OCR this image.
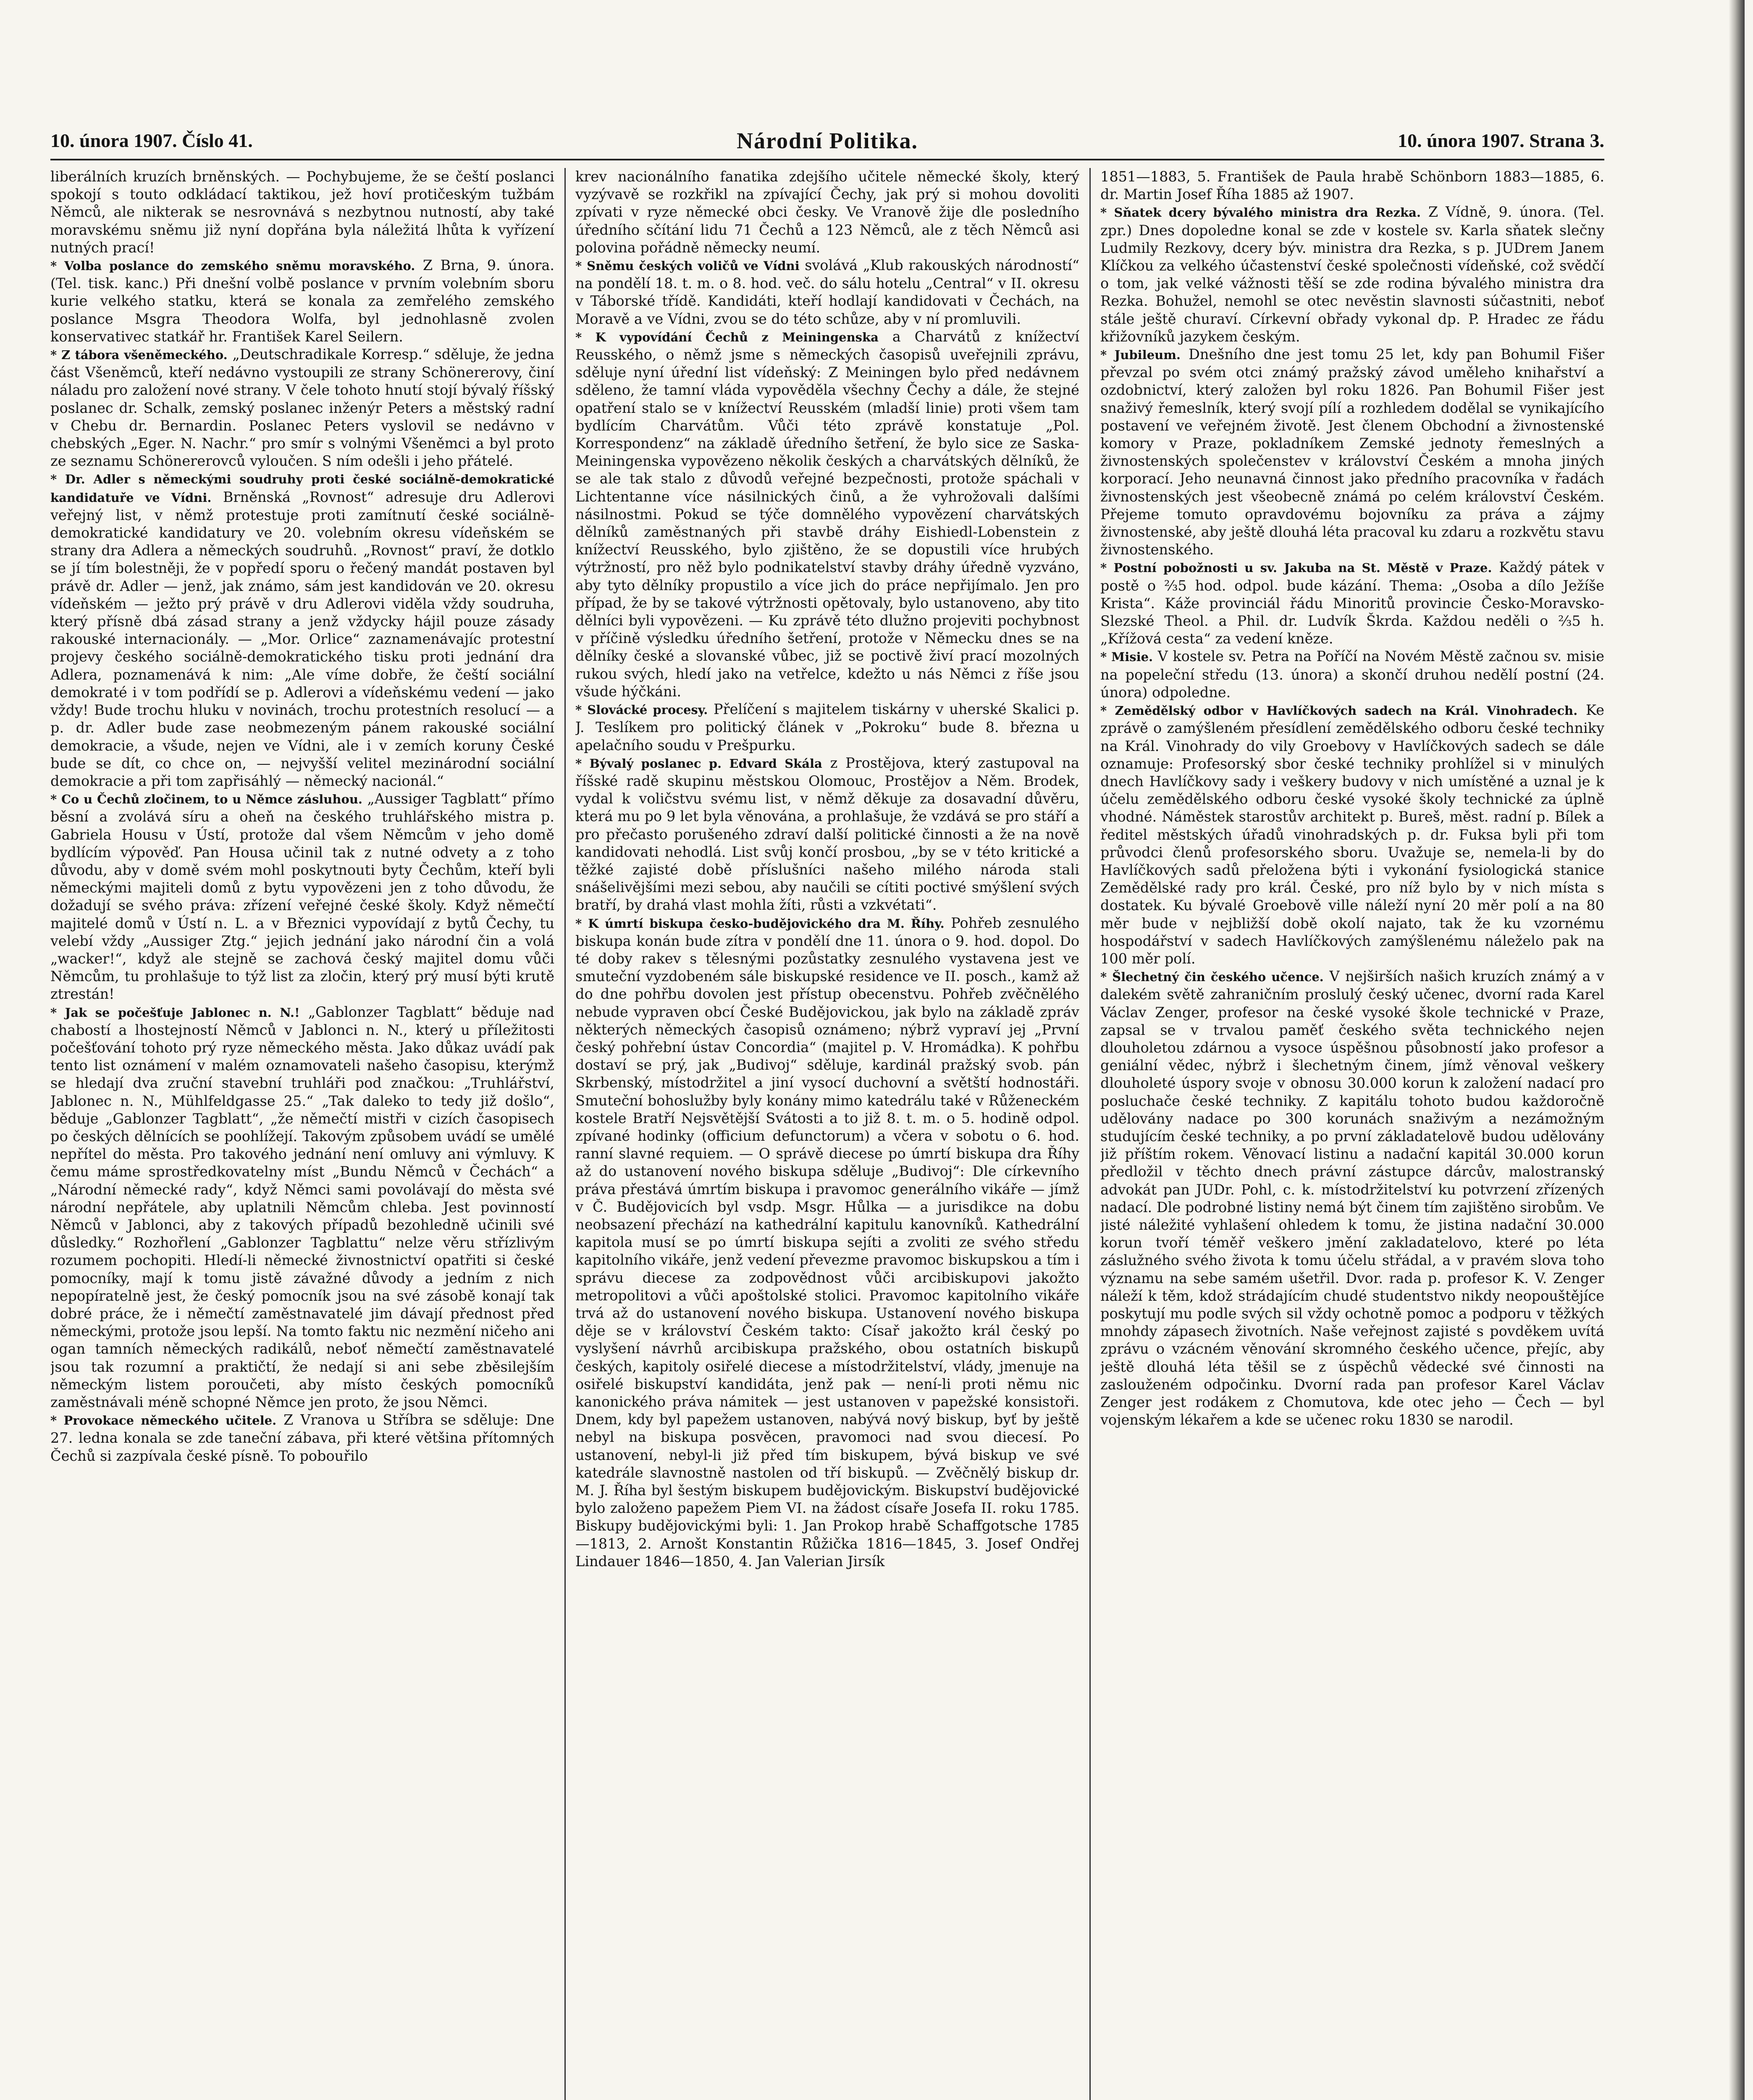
10. února 1907. Číslo 41.	Národní Politika.	10. února 1907. Strana 3.

liberálních kruzích brněnských. — Pochybujeme, že se čeští poslanci spokojí s touto odkládací taktikou, jež hoví protičeským tužbám Němců, ale nikterak se nesrovnává s nezbytnou nutností, aby také moravskému sněmu již nyní dopřána byla náležitá lhůta k vyřízení nutných prací!

* Volba poslance do zemského sněmu moravského. Z Brna, 9. února. (Tel. tisk. kanc.) Při dnešní volbě poslance v prvním volebním sboru kurie velkého statku, která se konala za zemřelého zemského poslance Msgra Theodora Wolfa, byl jednohlasně zvolen konservativec statkář hr. František Karel Seilern.

* Z tábora všeněmeckého. „Deutschradikale Korresp.“ sděluje, že jedna část Všeněmců, kteří nedávno vystoupili ze strany Schönererovy, činí náladu pro založení nové strany. V čele tohoto hnutí stojí bývalý říšský poslanec dr. Schalk, zemský poslanec inženýr Peters a městský radní v Chebu dr. Bernardin. Poslanec Peters vyslovil se nedávno v chebských „Eger. N. Nachr.“ pro smír s volnými Všeněmci a byl proto ze seznamu Schönererovců vyloučen. S ním odešli i jeho přátelé.

* Dr. Adler s německými soudruhy proti české sociálně-demokratické kandidatuře ve Vídni. Brněnská „Rovnost“ adresuje dru Adlerovi veřejný list, v němž protestuje proti zamítnutí české sociálně-demokratické kandidatury ve 20. volebním okresu vídeňském se strany dra Adlera a německých soudruhů. „Rovnost“ praví, že dotklo se jí tím bolestněji, že v popředí sporu o řečený mandát postaven byl právě dr. Adler — jenž, jak známo, sám jest kandidován ve 20. okresu vídeňském — ježto prý právě v dru Adlerovi viděla vždy soudruha, který přísně dbá zásad strany a jenž vždycky hájil pouze zásady rakouské internacionály. — „Mor. Orlice“ zaznamenávajíc protestní projevy českého sociálně-demokratického tisku proti jednání dra Adlera, poznamenává k nim: „Ale víme dobře, že čeští sociální demokraté i v tom podřídí se p. Adlerovi a vídeňskému vedení — jako vždy! Bude trochu hluku v novinách, trochu protestních resolucí — a p. dr. Adler bude zase neobmezeným pánem rakouské sociální demokracie, a všude, nejen ve Vídni, ale i v zemích koruny České bude se dít, co chce on, — nejvyšší velitel mezinárodní sociální demokracie a při tom zapřisáhlý — německý nacionál.“

* Co u Čechů zločinem, to u Němce zásluhou. „Aussiger Tagblatt“ přímo běsní a zvolává síru a oheň na českého truhlářského mistra p. Gabriela Housu v Ústí, protože dal všem Němcům v jeho domě bydlícím výpověď. Pan Housa učinil tak z nutné odvety a z toho důvodu, aby v domě svém mohl poskytnouti byty Čechům, kteří byli německými majiteli domů z bytu vypovězeni jen z toho důvodu, že dožadují se svého práva: zřízení veřejné české školy. Když němečtí majitelé domů v Ústí n. L. a v Březnici vypovídají z bytů Čechy, tu velebí vždy „Aussiger Ztg.“ jejich jednání jako národní čin a volá „wacker!“, když ale stejně se zachová český majitel domu vůči Němcům, tu prohlašuje to týž list za zločin, který prý musí býti krutě ztrestán!

* Jak se počešťuje Jablonec n. N.! „Gablonzer Tagblatt“ běduje nad chabostí a lhostejností Němců v Jablonci n. N., který u příležitosti počešťování tohoto prý ryze německého města. Jako důkaz uvádí pak tento list oznámení v malém oznamovateli našeho časopisu, kterýmž se hledají dva zruční stavební truhláři pod značkou: „Truhlářství, Jablonec n. N., Mühlfeldgasse 25.“ „Tak daleko to tedy již došlo“, běduje „Gablonzer Tagblatt“, „že němečtí mistři v cizích časopisech po českých dělnících se poohlížejí. Takovým způsobem uvádí se umělé nepřítel do města. Pro takového jednání není omluvy ani výmluvy. K čemu máme sprostředkovatelny míst „Bundu Němců v Čechách“ a „Národní německé rady“, když Němci sami povolávají do města své národní nepřátele, aby uplatnili Němcům chleba. Jest povinností Němců v Jablonci, aby z takových případů bezohledně učinili své důsledky.“ Rozhořlení „Gablonzer Tagblattu“ nelze věru střízlivým rozumem pochopiti. Hledí-li německé živnostnictví opatřiti si české pomocníky, mají k tomu jistě závažné důvody a jedním z nich nepopíratelně jest, že český pomocník jsou na své zásobě konají tak dobré práce, že i němečtí zaměstnavatelé jim dávají přednost před německými, protože jsou lepší. Na tomto faktu nic nezmění ničeho ani ogan tamních německých radikálů, neboť němečtí zaměstnavatelé jsou tak rozumní a praktičtí, že nedají si ani sebe zběsilejším německým listem poroučeti, aby místo českých pomocníků zaměstnávali méně schopné Němce jen proto, že jsou Němci.

* Provokace německého učitele. Z Vranova u Stříbra se sděluje: Dne 27. ledna konala se zde taneční zábava, při které většina přítomných Čechů si zazpívala české písně. To pobouřilo

krev nacionálního fanatika zdejšího učitele německé školy, který vyzývavě se rozkřikl na zpívající Čechy, jak prý si mohou dovoliti zpívati v ryze německé obci česky. Ve Vranově žije dle posledního úředního sčítání lidu 71 Čechů a 123 Němců, ale z těch Němců asi polovina pořádně německy neumí.

* Sněmu českých voličů ve Vídni svolává „Klub rakouských národností“ na pondělí 18. t. m. o 8. hod. več. do sálu hotelu „Central“ v II. okresu v Táborské třídě. Kandidáti, kteří hodlají kandidovati v Čechách, na Moravě a ve Vídni, zvou se do této schůze, aby v ní promluvili.

* K vypovídání Čechů z Meiningenska a Charvátů z knížectví Reusského, o němž jsme s německých časopisů uveřejnili zprávu, sděluje nyní úřední list vídeňský: Z Meiningen bylo před nedávnem sděleno, že tamní vláda vypověděla všechny Čechy a dále, že stejné opatření stalo se v knížectví Reusském (mladší linie) proti všem tam bydlícím Charvátům. Vůči této zprávě konstatuje „Pol. Korrespondenz“ na základě úředního šetření, že bylo sice ze Saska-Meiningenska vypovězeno několik českých a charvátských dělníků, že se ale tak stalo z důvodů veřejné bezpečnosti, protože spáchali v Lichtentanne více násilnických činů, a že vyhrožovali dalšími násilnostmi. Pokud se týče domnělého vypovězení charvátských dělníků zaměstnaných při stavbě dráhy Eishiedl-Lobenstein z knížectví Reusského, bylo zjištěno, že se dopustili více hrubých výtržností, pro něž bylo podnikatelství stavby dráhy úředně vyzváno, aby tyto dělníky propustilo a více jich do práce nepřijímalo. Jen pro případ, že by se takové výtržnosti opětovaly, bylo ustanoveno, aby tito dělníci byli vypovězeni. — Ku zprávě této dlužno projeviti pochybnost v příčině výsledku úředního šetření, protože v Německu dnes se na dělníky české a slovanské vůbec, již se poctivě živí prací mozolných rukou svých, hledí jako na vetřelce, kdežto u nás Němci z říše jsou všude hýčkáni.

* Slovácké procesy. Přelíčení s majitelem tiskárny v uherské Skalici p. J. Teslíkem pro politický článek v „Pokroku“ bude 8. března u apelačního soudu v Prešpurku.

* Bývalý poslanec p. Edvard Skála z Prostějova, který zastupoval na říšské radě skupinu městskou Olomouc, Prostějov a Něm. Brodek, vydal k voličstvu svému list, v němž děkuje za dosavadní důvěru, která mu po 9 let byla věnována, a prohlašuje, že vzdává se pro stáří a pro přečasto porušeného zdraví další politické činnosti a že na nově kandidovati nehodlá. List svůj končí prosbou, „by se v této kritické a těžké zajisté době příslušníci našeho milého národa stali snášelivějšími mezi sebou, aby naučili se cítiti poctivé smýšlení svých bratří, by drahá vlast mohla žíti, růsti a vzkvétati“.

* K úmrtí biskupa česko-budějovického dra M. Říhy. Pohřeb zesnulého biskupa konán bude zítra v pondělí dne 11. února o 9. hod. dopol. Do té doby rakev s tělesnými pozůstatky zesnulého vystavena jest ve smuteční vyzdobeném sále biskupské residence ve II. posch., kamž až do dne pohřbu dovolen jest přístup obecenstvu. Pohřeb zvěčnělého nebude vypraven obcí České Budějovickou, jak bylo na základě zpráv některých německých časopisů oznámeno; nýbrž vypraví jej „První český pohřební ústav Concordia“ (majitel p. V. Hromádka). K pohřbu dostaví se prý, jak „Budivoj“ sděluje, kardinál pražský svob. pán Skrbenský, místodržitel a jiní vysocí duchovní a světští hodnostáři. Smuteční bohoslužby byly konány mimo katedrálu také v Růženeckém kostele Bratří Nejsvětější Svátosti a to již 8. t. m. o 5. hodině odpol. zpívané hodinky (officium defunctorum) a včera v sobotu o 6. hod. ranní slavné requiem. — O správě diecese po úmrtí biskupa dra Říhy až do ustanovení nového biskupa sděluje „Budivoj“: Dle církevního práva přestává úmrtím biskupa i pravomoc generálního vikáře — jímž v Č. Budějovicích byl vsdp. Msgr. Hůlka — a jurisdikce na dobu neobsazení přechází na kathedrální kapitulu kanovníků. Kathedrální kapitola musí se po úmrtí biskupa sejíti a zvoliti ze svého středu kapitolního vikáře, jenž vedení převezme pravomoc biskupskou a tím i správu diecese za zodpovědnost vůči arcibiskupovi jakožto metropolitovi a vůči apoštolské stolici. Pravomoc kapitolního vikáře trvá až do ustanovení nového biskupa. Ustanovení nového biskupa děje se v království Českém takto: Císař jakožto král český po vyslyšení návrhů arcibiskupa pražského, obou ostatních biskupů českých, kapitoly osiřelé diecese a místodržitelství, vlády, jmenuje na osiřelé biskupství kandidáta, jenž pak — není-li proti němu nic kanonického práva námitek — jest ustanoven v papežské konsistoři. Dnem, kdy byl papežem ustanoven, nabývá nový biskup, byť by ještě nebyl na biskupa posvěcen, pravomoci nad svou diecesí. Po ustanovení, nebyl-li již před tím biskupem, bývá biskup ve své katedrále slavnostně nastolen od tří biskupů. — Zvěčnělý biskup dr. M. J. Říha byl šestým biskupem budějovickým. Biskupství budějovické bylo založeno papežem Piem VI. na žádost císaře Josefa II. roku 1785. Biskupy budějovickými byli: 1. Jan Prokop hrabě Schaffgotsche 1785—1813, 2. Arnošt Konstantin Růžička 1816—1845, 3. Josef Ondřej Lindauer 1846—1850, 4. Jan Valerian Jirsík

1851—1883, 5. František de Paula hrabě Schönborn 1883—1885, 6. dr. Martin Josef Říha 1885 až 1907.

* Sňatek dcery bývalého ministra dra Rezka. Z Vídně, 9. února. (Tel. zpr.) Dnes dopoledne konal se zde v kostele sv. Karla sňatek slečny Ludmily Rezkovy, dcery býv. ministra dra Rezka, s p. JUDrem Janem Klíčkou za velkého účastenství české společnosti vídeňské, což svědčí o tom, jak velké vážnosti těší se zde rodina bývalého ministra dra Rezka. Bohužel, nemohl se otec nevěstin slavnosti súčastniti, neboť stále ještě churaví. Církevní obřady vykonal dp. P. Hradec ze řádu křižovníků jazykem českým.

* Jubileum. Dnešního dne jest tomu 25 let, kdy pan Bohumil Fišer převzal po svém otci známý pražský závod uměleho knihařství a ozdobnictví, který založen byl roku 1826. Pan Bohumil Fišer jest snaživý řemeslník, který svojí pílí a rozhledem dodělal se vynikajícího postavení ve veřejném životě. Jest členem Obchodní a živnostenské komory v Praze, pokladníkem Zemské jednoty řemeslných a živnostenských společenstev v království Českém a mnoha jiných korporací. Jeho neunavná činnost jako předního pracovníka v řadách živnostenských jest všeobecně známá po celém království Českém. Přejeme tomuto opravdovému bojovníku za práva a zájmy živnostenské, aby ještě dlouhá léta pracoval ku zdaru a rozkvětu stavu živnostenského.

* Postní pobožnosti u sv. Jakuba na St. Městě v Praze. Každý pátek v postě o ⅔5 hod. odpol. bude kázání. Thema: „Osoba a dílo Ježíše Krista“. Káže provinciál řádu Minoritů provincie Česko-Moravsko-Slezské Theol. a Phil. dr. Ludvík Škrda. Každou neděli o ⅔5 h. „Křížová cesta“ za vedení kněze.

* Misie. V kostele sv. Petra na Poříčí na Novém Městě začnou sv. misie na popeleční středu (13. února) a skončí druhou nedělí postní (24. února) odpoledne.

* Zemědělský odbor v Havlíčkových sadech na Král. Vinohradech. Ke zprávě o zamýšleném přesídlení zemědělského odboru české techniky na Král. Vinohrady do vily Groebovy v Havlíčkových sadech se dále oznamuje: Profesorský sbor české techniky prohlížel si v minulých dnech Havlíčkovy sady i veškery budovy v nich umístěné a uznal je k účelu zemědělského odboru české vysoké školy technické za úplně vhodné. Náměstek starostův architekt p. Bureš, měst. radní p. Bílek a ředitel městských úřadů vinohradských p. dr. Fuksa byli při tom průvodci členů profesorského sboru. Uvažuje se, nemela-li by do Havlíčkových sadů přeložena býti i vykonání fysiologická stanice Zemědělské rady pro král. České, pro níž bylo by v nich místa s dostatek. Ku bývalé Groebově ville náleží nyní 20 měr polí a na 80 měr bude v nejbližší době okolí najato, tak že ku vzornému hospodářství v sadech Havlíčkových zamýšlenému náleželo pak na 100 měr polí.

* Šlechetný čin českého učence. V nejširších našich kruzích známý a v dalekém světě zahraničním proslulý český učenec, dvorní rada Karel Václav Zenger, profesor na české vysoké škole technické v Praze, zapsal se v trvalou paměť českého světa technického nejen dlouholetou zdárnou a vysoce úspěšnou působností jako profesor a geniální vědec, nýbrž i šlechetným činem, jímž věnoval veškery dlouholeté úspory svoje v obnosu 30.000 korun k založení nadací pro posluchače české techniky. Z kapitálu tohoto budou každoročně udělovány nadace po 300 korunách snaživým a nezámožným studujícím české techniky, a po první základatelově budou udělovány již příštím rokem. Věnovací listinu a nadační kapitál 30.000 korun předložil v těchto dnech právní zástupce dárcův, malostranský advokát pan JUDr. Pohl, c. k. místodržitelství ku potvrzení zřízených nadací. Dle podrobné listiny nemá být činem tím zajištěno sirobům. Ve jisté náležité vyhlašení ohledem k tomu, že jistina nadační 30.000 korun tvoří téměř veškero jmění zakladatelovo, které po léta záslužného svého života k tomu účelu střádal, a v pravém slova toho významu na sebe samém ušetřil. Dvor. rada p. profesor K. V. Zenger náleží k těm, kdož strádajícím chudé studentstvo nikdy neopouštějíce poskytují mu podle svých sil vždy ochotně pomoc a podporu v těžkých mnohdy zápasech životních. Naše veřejnost zajisté s povděkem uvítá zprávu o vzácném věnování skromného českého učence, přejíc, aby ještě dlouhá léta těšil se z úspěchů vědecké své činnosti na zaslouženém odpočinku. Dvorní rada pan profesor Karel Václav Zenger jest rodákem z Chomutova, kde otec jeho — Čech — byl vojenským lékařem a kde se učenec roku 1830 se narodil.
